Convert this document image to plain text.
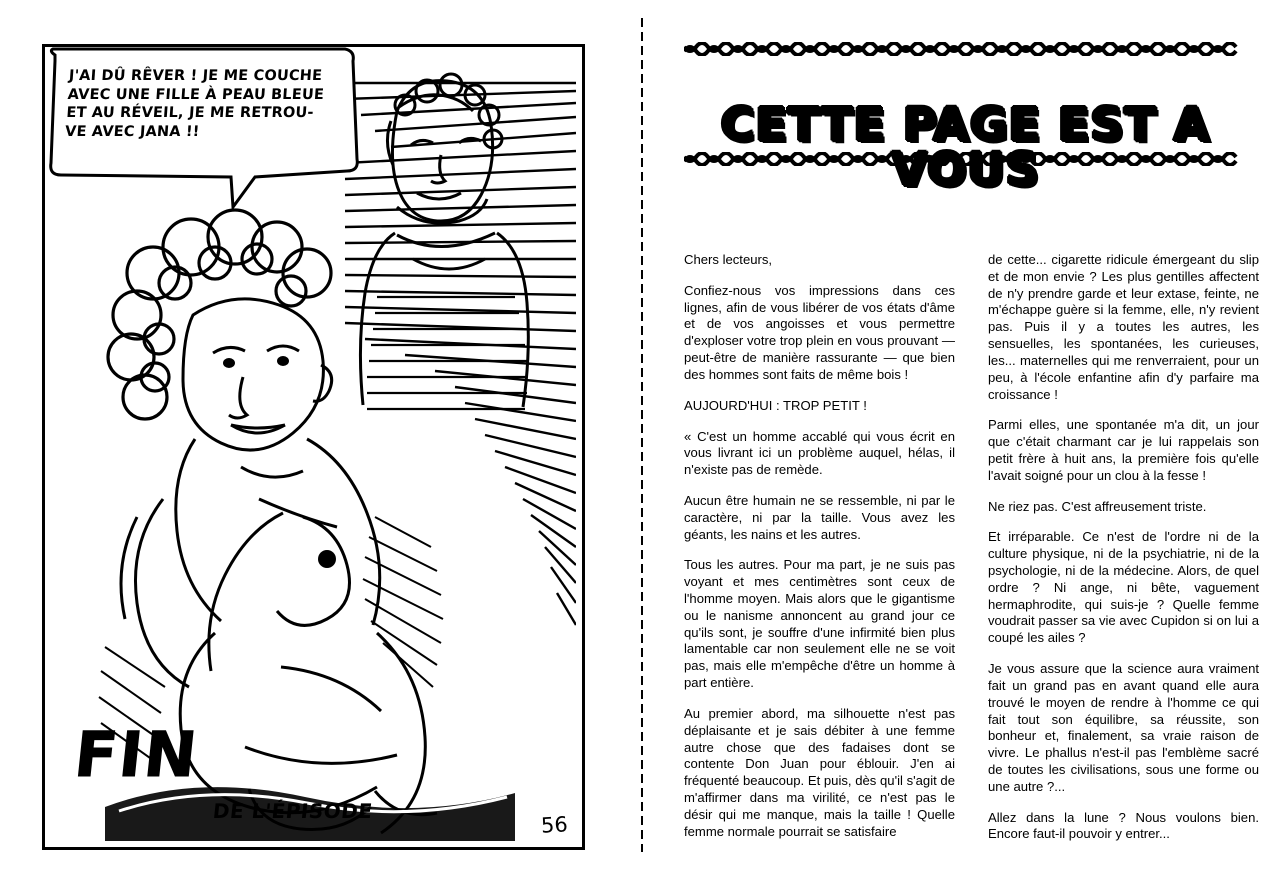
J'AI DÛ RÊVER ! JE ME COUCHE
AVEC UNE FILLE À PEAU BLEUE
ET AU RÉVEIL, JE ME RETROU-
VE AVEC JANA !!
FIN
DE L'ÉPISODE
56
CETTE PAGE EST A VOUS

Chers lecteurs,

Confiez-nous vos impressions dans ces lignes, afin de vous libérer de vos états d'âme et de vos angoisses et vous permettre d'exploser votre trop plein en vous prouvant — peut-être de manière rassurante — que bien des hommes sont faits de même bois !

AUJOURD'HUI : TROP PETIT !

« C'est un homme accablé qui vous écrit en vous livrant ici un problème auquel, hélas, il n'existe pas de remède.

Aucun être humain ne se ressemble, ni par le caractère, ni par la taille. Vous avez les géants, les nains et les autres.

Tous les autres. Pour ma part, je ne suis pas voyant et mes centimètres sont ceux de l'homme moyen. Mais alors que le gigantisme ou le nanisme annoncent au grand jour ce qu'ils sont, je souffre d'une infirmité bien plus lamentable car non seulement elle ne se voit pas, mais elle m'empêche d'être un homme à part entière.

Au premier abord, ma silhouette n'est pas déplaisante et je sais débiter à une femme autre chose que des fadaises dont se contente Don Juan pour éblouir. J'en ai fréquenté beaucoup. Et puis, dès qu'il s'agit de m'affirmer dans ma virilité, ce n'est pas le désir qui me manque, mais la taille ! Quelle femme normale pourrait se satisfaire

de cette... cigarette ridicule émergeant du slip et de mon envie ? Les plus gentilles affectent de n'y prendre garde et leur extase, feinte, ne m'échappe guère si la femme, elle, n'y revient pas. Puis il y a toutes les autres, les sensuelles, les spontanées, les curieuses, les... maternelles qui me renverraient, pour un peu, à l'école enfantine afin d'y parfaire ma croissance !

Parmi elles, une spontanée m'a dit, un jour que c'était charmant car je lui rappelais son petit frère à huit ans, la première fois qu'elle l'avait soigné pour un clou à la fesse !

Ne riez pas. C'est affreusement triste.

Et irréparable. Ce n'est de l'ordre ni de la culture physique, ni de la psychiatrie, ni de la psychologie, ni de la médecine. Alors, de quel ordre ? Ni ange, ni bête, vaguement hermaphrodite, qui suis-je ? Quelle femme voudrait passer sa vie avec Cupidon si on lui a coupé les ailes ?

Je vous assure que la science aura vraiment fait un grand pas en avant quand elle aura trouvé le moyen de rendre à l'homme ce qui fait tout son équilibre, sa réussite, son bonheur et, finalement, sa vraie raison de vivre. Le phallus n'est-il pas l'emblème sacré de toutes les civilisations, sous une forme ou une autre ?...

Allez dans la lune ? Nous voulons bien. Encore faut-il pouvoir y entrer...
